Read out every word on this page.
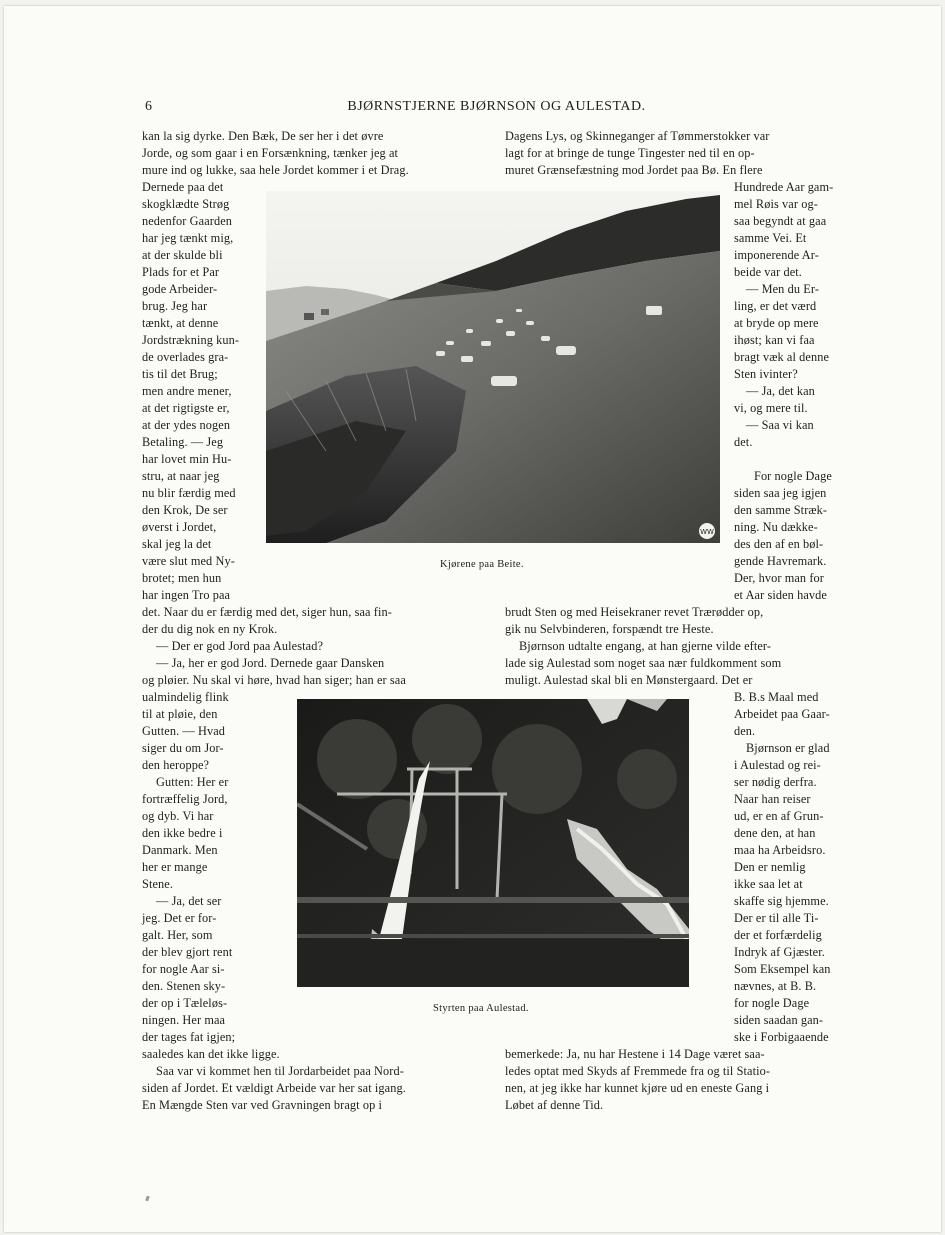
6	BJØRNSTJERNE BJØRNSON OG AULESTAD.
WW
Kjørene paa Beite.
Styrten paa Aulestad.
kan la sig dyrke. Den Bæk, De ser her i det øvre
Jorde, og som gaar i en Forsænkning, tænker jeg at
mure ind og lukke, saa hele Jordet kommer i et Drag.
Dernede paa det
skogklædte Strøg
nedenfor Gaarden
har jeg tænkt mig,
at der skulde bli
Plads for et Par
gode Arbeider-
brug. Jeg har
tænkt, at denne
Jordstrækning kun-
de overlades gra-
tis til det Brug;
men andre mener,
at det rigtigste er,
at der ydes nogen
Betaling. — Jeg
har lovet min Hu-
stru, at naar jeg
nu blir færdig med
den Krok, De ser
øverst i Jordet,
skal jeg la det
være slut med Ny-
brotet; men hun
har ingen Tro paa
det. Naar du er færdig med det, siger hun, saa fin-
der du dig nok en ny Krok.
— Der er god Jord paa Aulestad?
— Ja, her er god Jord. Dernede gaar Dansken
og pløier. Nu skal vi høre, hvad han siger; han er saa
ualmindelig flink
til at pløie, den
Gutten. — Hvad
siger du om Jor-
den heroppe?
Gutten: Her er
fortræffelig Jord,
og dyb. Vi har
den ikke bedre i
Danmark. Men
her er mange
Stene.
— Ja, det ser
jeg. Det er for-
galt. Her, som
der blev gjort rent
for nogle Aar si-
den. Stenen sky-
der op i Tæleløs-
ningen. Her maa
der tages fat igjen;
saaledes kan det ikke ligge.
Saa var vi kommet hen til Jordarbeidet paa Nord-
siden af Jordet. Et vældigt Arbeide var her sat igang.
En Mængde Sten var ved Gravningen bragt op i
Dagens Lys, og Skinneganger af Tømmerstokker var
lagt for at bringe de tunge Tingester ned til en op-
muret Grænsefæstning mod Jordet paa Bø. En flere
Hundrede Aar gam-
mel Røis var og-
saa begyndt at gaa
samme Vei. Et
imponerende Ar-
beide var det.
— Men du Er-
ling, er det værd
at bryde op mere
ihøst; kan vi faa
bragt væk al denne
Sten ivinter?
— Ja, det kan
vi, og mere til.
— Saa vi kan
det.
For nogle Dage
siden saa jeg igjen
den samme Stræk-
ning. Nu dække-
des den af en bøl-
gende Havremark.
Der, hvor man for
et Aar siden havde
brudt Sten og med Heisekraner revet Trærødder op,
gik nu Selvbinderen, forspændt tre Heste.
Bjørnson udtalte engang, at han gjerne vilde efter-
lade sig Aulestad som noget saa nær fuldkomment som
muligt. Aulestad skal bli en Mønstergaard. Det er
B. B.s Maal med
Arbeidet paa Gaar-
den.
Bjørnson er glad
i Aulestad og rei-
ser nødig derfra.
Naar han reiser
ud, er en af Grun-
dene den, at han
maa ha Arbeidsro.
Den er nemlig
ikke saa let at
skaffe sig hjemme.
Der er til alle Ti-
der et forfærdelig
Indryk af Gjæster.
Som Eksempel kan
nævnes, at B. B.
for nogle Dage
siden saadan gan-
ske i Forbigaaende
bemerkede: Ja, nu har Hestene i 14 Dage været saa-
ledes optat med Skyds af Fremmede fra og til Statio-
nen, at jeg ikke har kunnet kjøre ud en eneste Gang i
Løbet af denne Tid.
